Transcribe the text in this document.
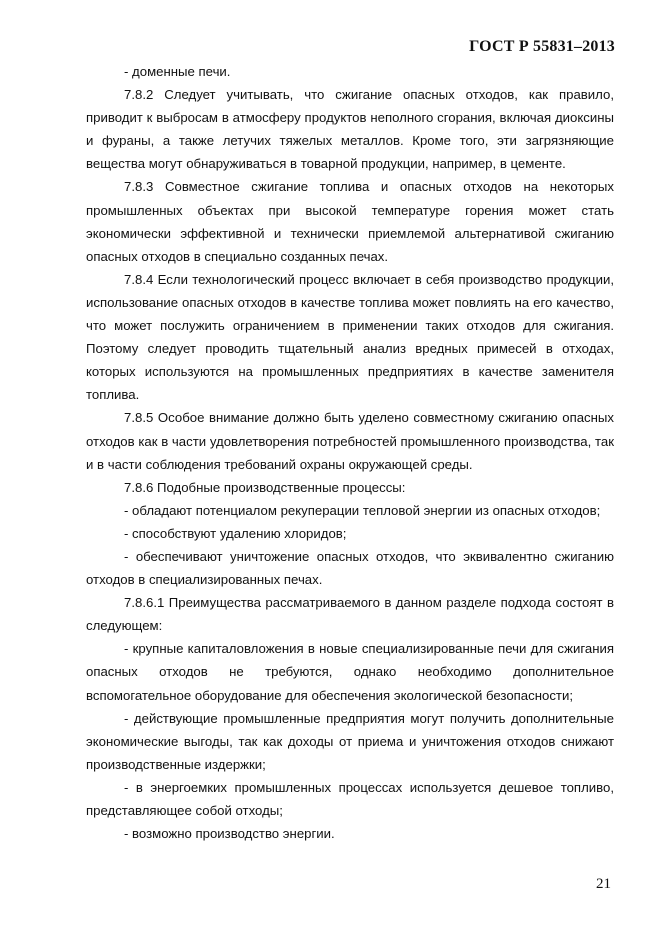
ГОСТ Р 55831–2013

- доменные печи.

7.8.2 Следует учитывать, что сжигание опасных отходов, как правило, приводит к выбросам в атмосферу продуктов неполного сгорания, включая диоксины и фураны, а также летучих тяжелых металлов. Кроме того, эти загрязняющие вещества могут обнаруживаться в товарной продукции, например, в цементе.

7.8.3 Совместное сжигание топлива и опасных отходов на некоторых промышленных объектах при высокой температуре горения может стать экономически эффективной и технически приемлемой альтернативой сжиганию опасных отходов в специально созданных печах.

7.8.4 Если технологический процесс включает в себя производство продукции, использование опасных отходов в качестве топлива может повлиять на его качество, что может послужить ограничением в применении таких отходов для сжигания. Поэтому следует проводить тщательный анализ вредных примесей в отходах, которых используются на промышленных предприятиях в качестве заменителя топлива.

7.8.5 Особое внимание должно быть уделено совместному сжиганию опасных отходов как в части удовлетворения потребностей промышленного производства, так и в части соблюдения требований охраны окружающей среды.

7.8.6 Подобные производственные процессы:

- обладают потенциалом рекуперации тепловой энергии из опасных отходов;

- способствуют удалению хлоридов;

- обеспечивают уничтожение опасных отходов, что эквивалентно сжиганию отходов в специализированных печах.

7.8.6.1 Преимущества рассматриваемого в данном разделе подхода состоят в следующем:

- крупные капиталовложения в новые специализированные печи для сжигания опасных отходов не требуются, однако необходимо дополнительное вспомогательное оборудование для обеспечения экологической безопасности;

- действующие промышленные предприятия могут получить дополнительные экономические выгоды, так как доходы от приема и уничтожения отходов снижают производственные издержки;

- в энергоемких промышленных процессах используется дешевое топливо, представляющее собой отходы;

- возможно производство энергии.

21
